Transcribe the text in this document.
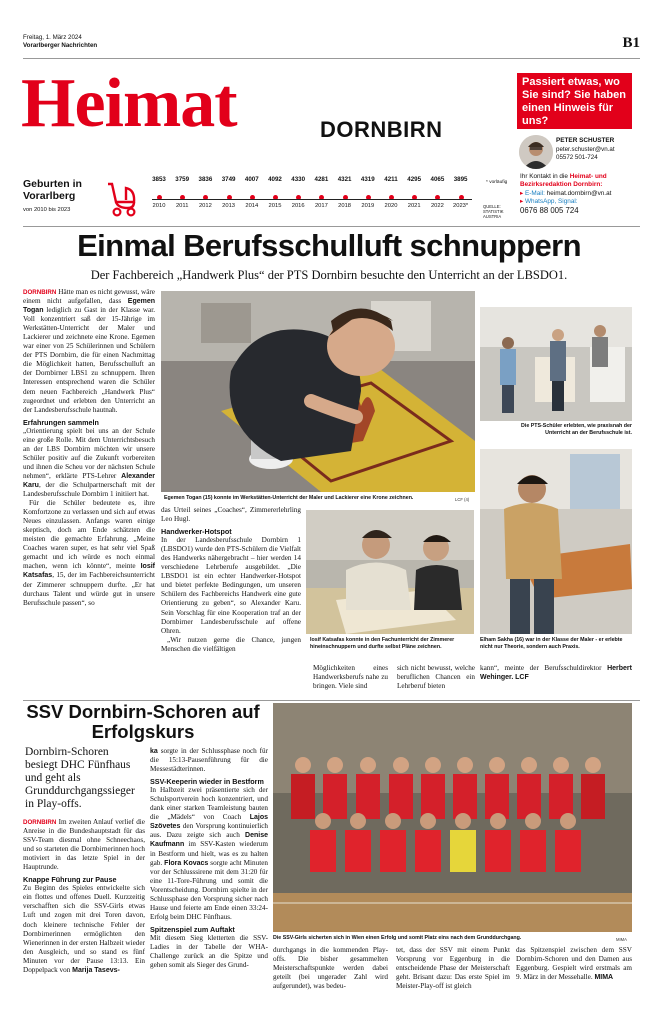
Freitag, 1. März 2024
Vorarlberger Nachrichten	B1
Heimat	DORNBIRN
Passiert etwas, wo Sie sind? Sie haben einen Hinweis für uns?
PETER SCHUSTER
peter.schuster@vn.at
05572 501-724
Ihr Kontakt in die Heimat- und Bezirksredaktion Dornbirn:
▸ E-Mail: heimat.dornbirn@vn.at
▸ WhatsApp, Signal:
0676 88 005 724
Geburten in Vorarlberg
von 2010 bis 2023
3853
2010
3759
2011
3836
2012
3749
2013
4007
2014
4092
2015
4330
2016
4281
2017
4321
2018
4319
2019
4211
2020
4295
2021
4065
2022
3895
2023*
* vorläufig
QUELLE: STATISTIK AUSTRIA
Einmal Berufsschulluft schnuppern
Der Fachbereich „Handwerk Plus“ der PTS Dornbirn besuchte den Unterricht an der LBSDO1.

DORNBIRN Hätte man es nicht gewusst, wäre einem nicht aufgefallen, dass Egemen Togan lediglich zu Gast in der Klasse war. Voll konzentriert saß der 15-Jährige im Werkstätten-Unterricht der Maler und Lackierer und zeichnete eine Krone. Egemen war einer von 25 Schülerinnen und Schülern der PTS Dornbirn, die für einen Nachmittag die Möglichkeit hatten, Berufsschulluft an der Dornbirner LBS1 zu schnuppern. Ihren Interessen entsprechend waren die Schüler dem neuen Fachbereich „Handwerk Plus“ zugeordnet und erlebten den Unterricht an der Landesberufsschule hautnah.

Erfahrungen sammeln

„Orientierung spielt bei uns an der Schule eine große Rolle. Mit dem Unterrichtsbesuch an der LBS Dornbirn möchten wir unsere Schüler positiv auf die Zukunft vorbereiten und ihnen die Scheu vor der nächsten Schule nehmen“, erklärte PTS-Lehrer Alexander Karu, der die Schulpartnerschaft mit der Landesberufsschule Dornbirn 1 initiiert hat.

Für die Schüler bedeutete es, ihre Komfortzone zu verlassen und sich auf etwas Neues einzulassen. Anfangs waren einige skeptisch, doch am Ende schätzten die meisten die gemachte Erfahrung. „Meine Coaches waren super, es hat sehr viel Spaß gemacht und ich würde es noch einmal machen, wenn ich könnte“, meinte Iosif Katsafas, 15, der im Fachbereichsunterricht der Zimmerer schnuppern durfte. „Er hat durchaus Talent und würde gut in unsere Berufsschule passen“, so

Egemen Togan (15) konnte im Werkstätten-Unterricht der Maler und Lackierer eine Krone zeichnen.	LCF (4)
Die PTS-Schüler erlebten, wie praxisnah der Unterricht an der Berufsschule ist.

das Urteil seines „Coaches“, Zimmererlehrling Leo Hugl.

Handwerker-Hotspot

In der Landesberufsschule Dornbirn 1 (LBSDO1) wurde den PTS-Schülern die Vielfalt des Handwerks nähergebracht – hier werden 14 verschiedene Lehrberufe ausgebildet. „Die LBSDO1 ist ein echter Handwerker-Hotspot und bietet perfekte Bedingungen, um unseren Schülern des Fachbereichs Handwerk eine gute Orientierung zu geben“, so Alexander Karu. Sein Vorschlag für eine Kooperation traf an der Dornbirner Landesberufsschule auf offene Ohren.

„Wir nutzen gerne die Chance, jungen Menschen die vielfältigen

Iosif Katsafas konnte in den Fachunterricht der Zimmerer hineinschnuppern und durfte selbst Pläne zeichnen.
Möglichkeiten eines Handwerksberufs nahe zu bringen. Viele sind
sich nicht bewusst, welche beruflichen Chancen ein Lehrberuf bieten
Elham Sakha (16) war in der Klasse der Maler - er erlebte nicht nur Theorie, sondern auch Praxis.
kann“, meinte der Berufsschuldirektor Herbert Wehinger. LCF
SSV Dornbirn-Schoren auf Erfolgskurs
Dornbirn-Schoren besiegt DHC Fünfhaus und geht als Grunddurchgangssieger in Play-offs.

DORNBIRN Im zweiten Anlauf verlief die Anreise in die Bundeshauptstadt für das SSV-Team diesmal ohne Schneechaos, und so starteten die Dornbirnerinnen hoch motiviert in das letzte Spiel in der Hauptrunde.

Knappe Führung zur Pause

Zu Beginn des Spieles entwickelte sich ein flottes und offenes Duell. Kurzzeitig verschafften sich die SSV-Girls etwas Luft und zogen mit drei Toren davon, doch kleinere technische Fehler der Dornbirnerinnen ermöglichten den Wienerinnen in der ersten Halbzeit wieder den Ausgleich, und so stand es fünf Minuten vor der Pause 13:13. Ein Doppelpack von Marija Tasevs-

ka sorgte in der Schlussphase noch für die 15:13-Pausenführung für die Messestädterinnen.

SSV-Keeperin wieder in Bestform

In Halbzeit zwei präsentierte sich der Schulsportverein hoch konzentriert, und dank einer starken Teamleistung bauten die „Mädels“ von Coach Lajos Szövetes den Vorsprung kontinuierlich aus. Dazu zeigte sich auch Denise Kaufmann im SSV-Kasten wiederum in Bestform und hielt, was es zu halten gab. Flora Kovacs sorgte acht Minuten vor der Schlusssirene mit dem 31:20 für eine 11-Tore-Führung und somit die Vorentscheidung. Dornbirn spielte in der Schlussphase den Vorsprung sicher nach Hause und feierte am Ende einen 33:24-Erfolg beim DHC Fünfhaus.

Spitzenspiel zum Auftakt

Mit diesem Sieg kletterten die SSV-Ladies in der Tabelle der WHA-Challenge zurück an die Spitze und gehen somit als Sieger des Grund-

Die SSV-Girls sicherten sich in Wien einen Erfolg und somit Platz eins nach dem Grunddurchgang.	MIMA
durchgangs in die kommenden Play-offs. Die bisher gesammelten Meisterschaftspunkte werden dabei geteilt (bei ungerader Zahl wird aufgerundet), was bedeu-
tet, dass der SSV mit einem Punkt Vorsprung vor Eggenburg in die entscheidende Phase der Meisterschaft geht. Brisant dazu: Das erste Spiel im Meister-Play-off ist gleich
das Spitzenspiel zwischen dem SSV Dornbirn-Schoren und den Damen aus Eggenburg. Gespielt wird erstmals am 9. März in der Messehalle. MIMA
